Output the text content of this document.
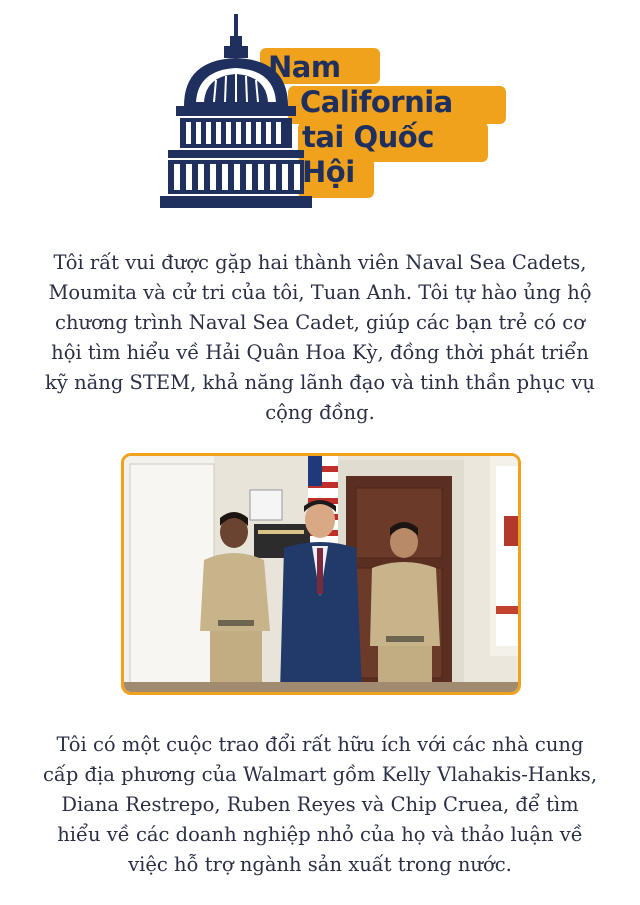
Nam
California
tai Quốc
Hội

Tôi rất vui được gặp hai thành viên Naval Sea Cadets, Moumita và cử tri của tôi, Tuan Anh. Tôi tự hào ủng hộ chương trình Naval Sea Cadet, giúp các bạn trẻ có cơ hội tìm hiểu về Hải Quân Hoa Kỳ, đồng thời phát triển kỹ năng STEM, khả năng lãnh đạo và tinh thần phục vụ cộng đồng.

Tôi có một cuộc trao đổi rất hữu ích với các nhà cung cấp địa phương của Walmart gồm Kelly Vlahakis-Hanks, Diana Restrepo, Ruben Reyes và Chip Cruea, để tìm hiểu về các doanh nghiệp nhỏ của họ và thảo luận về việc hỗ trợ ngành sản xuất trong nước.
